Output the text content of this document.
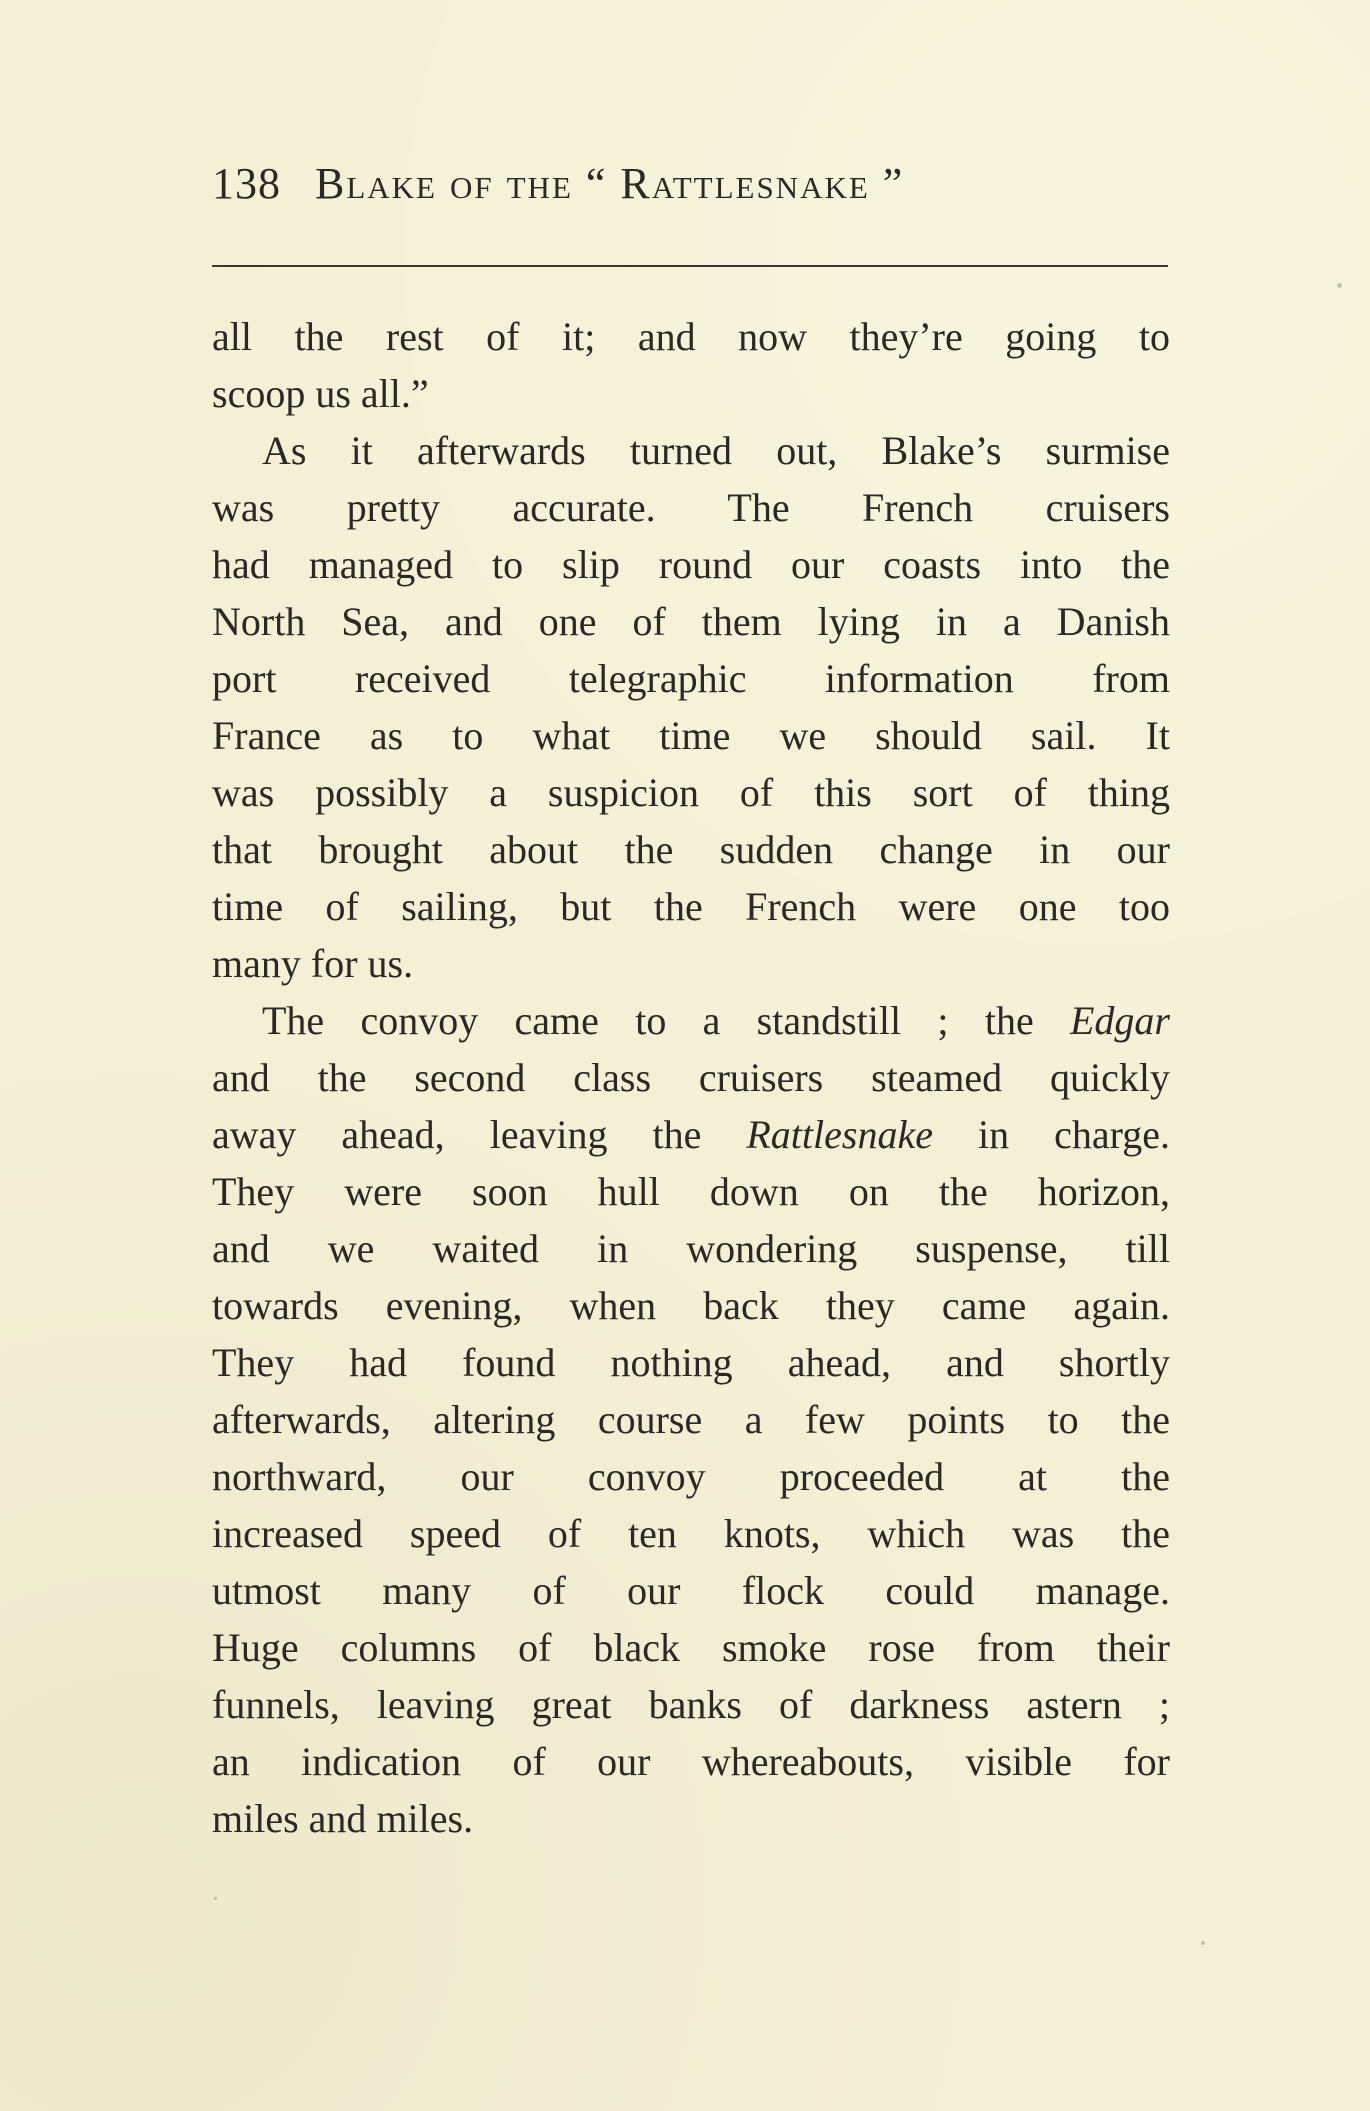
138 Blake of the “ Rattlesnake ”
all the rest of it; and now they’re going to
scoop us all.”
As it afterwards turned out, Blake’s surmise
was pretty accurate. The French cruisers
had managed to slip round our coasts into the
North Sea, and one of them lying in a Danish
port received telegraphic information from
France as to what time we should sail. It
was possibly a suspicion of this sort of thing
that brought about the sudden change in our
time of sailing, but the French were one too
many for us.
The convoy came to a standstill ; the Edgar
and the second class cruisers steamed quickly
away ahead, leaving the Rattlesnake in charge.
They were soon hull down on the horizon,
and we waited in wondering suspense, till
towards evening, when back they came again.
They had found nothing ahead, and shortly
afterwards, altering course a few points to the
northward, our convoy proceeded at the
increased speed of ten knots, which was the
utmost many of our flock could manage.
Huge columns of black smoke rose from their
funnels, leaving great banks of darkness astern ;
an indication of our whereabouts, visible for
miles and miles.
